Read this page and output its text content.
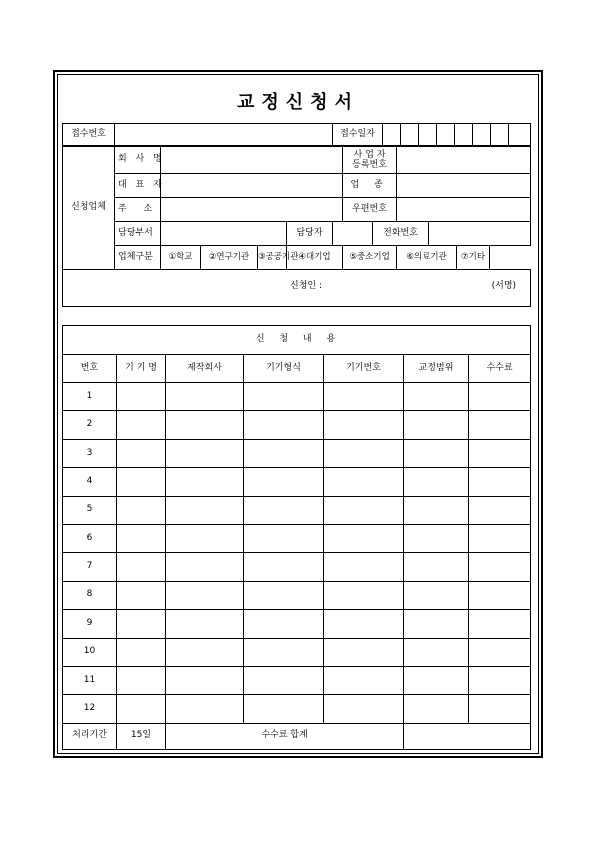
교정신청서
접수번호		접수일자								
신청업체	회 사 명						사 업 자
등록번호				
	대 표 자						업 종				
	주 소						우편번호				
	담당부서				담당자			전화번호			
	업체구분	①학교	②연구기관	③공공기관	④대기업		⑤중소기업		⑥의료기관		⑦기타

신청인 : (서명)											
신 청 내 용						
번호	기 기 명	제작회사	기기형식	기기번호	교정범위	수수료
1						
2						
3						
4						
5						
6						
7						
8						
9						
10						
11						
12						
처리기간	15일	수수료 합계				
